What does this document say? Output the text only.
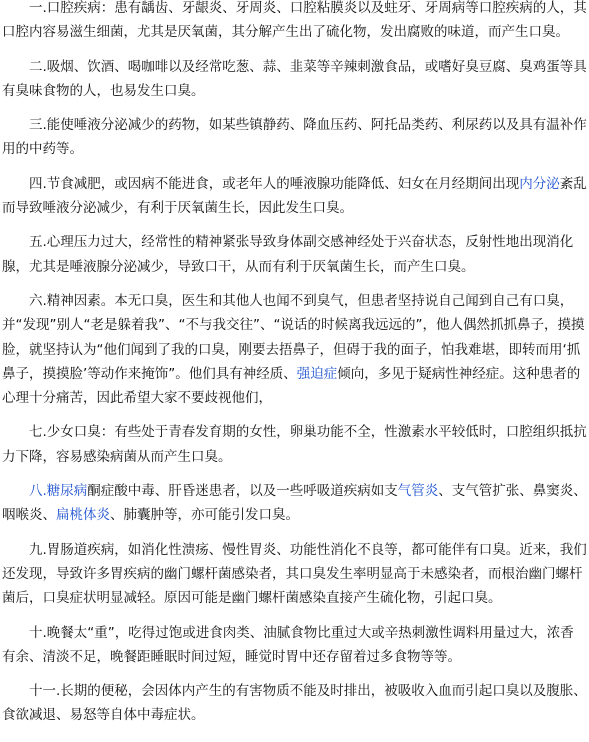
一.口腔疾病：患有龋齿、牙龈炎、牙周炎、口腔粘膜炎以及蛀牙、牙周病等口腔疾病的人，其口腔内容易滋生细菌，尤其是厌氧菌，其分解产生出了硫化物，发出腐败的味道，而产生口臭。

二.吸烟、饮酒、喝咖啡以及经常吃葱、蒜、韭菜等辛辣刺激食品，或嗜好臭豆腐、臭鸡蛋等具有臭味食物的人，也易发生口臭。

三.能使唾液分泌减少的药物，如某些镇静药、降血压药、阿托品类药、利尿药以及具有温补作用的中药等。

四.节食减肥，或因病不能进食，或老年人的唾液腺功能降低、妇女在月经期间出现内分泌紊乱而导致唾液分泌减少，有利于厌氧菌生长，因此发生口臭。

五.心理压力过大，经常性的精神紧张导致身体副交感神经处于兴奋状态，反射性地出现消化腺，尤其是唾液腺分泌减少，导致口干，从而有利于厌氧菌生长，而产生口臭。

六.精神因素。本无口臭，医生和其他人也闻不到臭气，但患者坚持说自己闻到自己有口臭，并“发现”别人“老是躲着我”、“不与我交往”、“说话的时候离我远远的”，他人偶然抓抓鼻子，摸摸脸，就坚持认为“他们闻到了我的口臭，刚要去捂鼻子，但碍于我的面子，怕我难堪，即转而用‘抓鼻子，摸摸脸’等动作来掩饰”。他们具有神经质、强迫症倾向，多见于疑病性神经症。这种患者的心理十分痛苦，因此希望大家不要歧视他们，

七.少女口臭：有些处于青春发育期的女性，卵巢功能不全，性激素水平较低时，口腔组织抵抗力下降，容易感染病菌从而产生口臭。

八.糖尿病酮症酸中毒、肝昏迷患者，以及一些呼吸道疾病如支气管炎、支气管扩张、鼻窦炎、咽喉炎、扁桃体炎、肺囊肿等，亦可能引发口臭。

九.胃肠道疾病，如消化性溃疡、慢性胃炎、功能性消化不良等，都可能伴有口臭。近来，我们还发现，导致许多胃疾病的幽门螺杆菌感染者，其口臭发生率明显高于未感染者，而根治幽门螺杆菌后，口臭症状明显减轻。原因可能是幽门螺杆菌感染直接产生硫化物，引起口臭。

十.晚餐太“重”，吃得过饱或进食肉类、油腻食物比重过大或辛热刺激性调料用量过大，浓香有余、清淡不足，晚餐距睡眠时间过短，睡觉时胃中还存留着过多食物等等。

十一.长期的便秘，会因体内产生的有害物质不能及时排出，被吸收入血而引起口臭以及腹胀、食欲减退、易怒等自体中毒症状。
